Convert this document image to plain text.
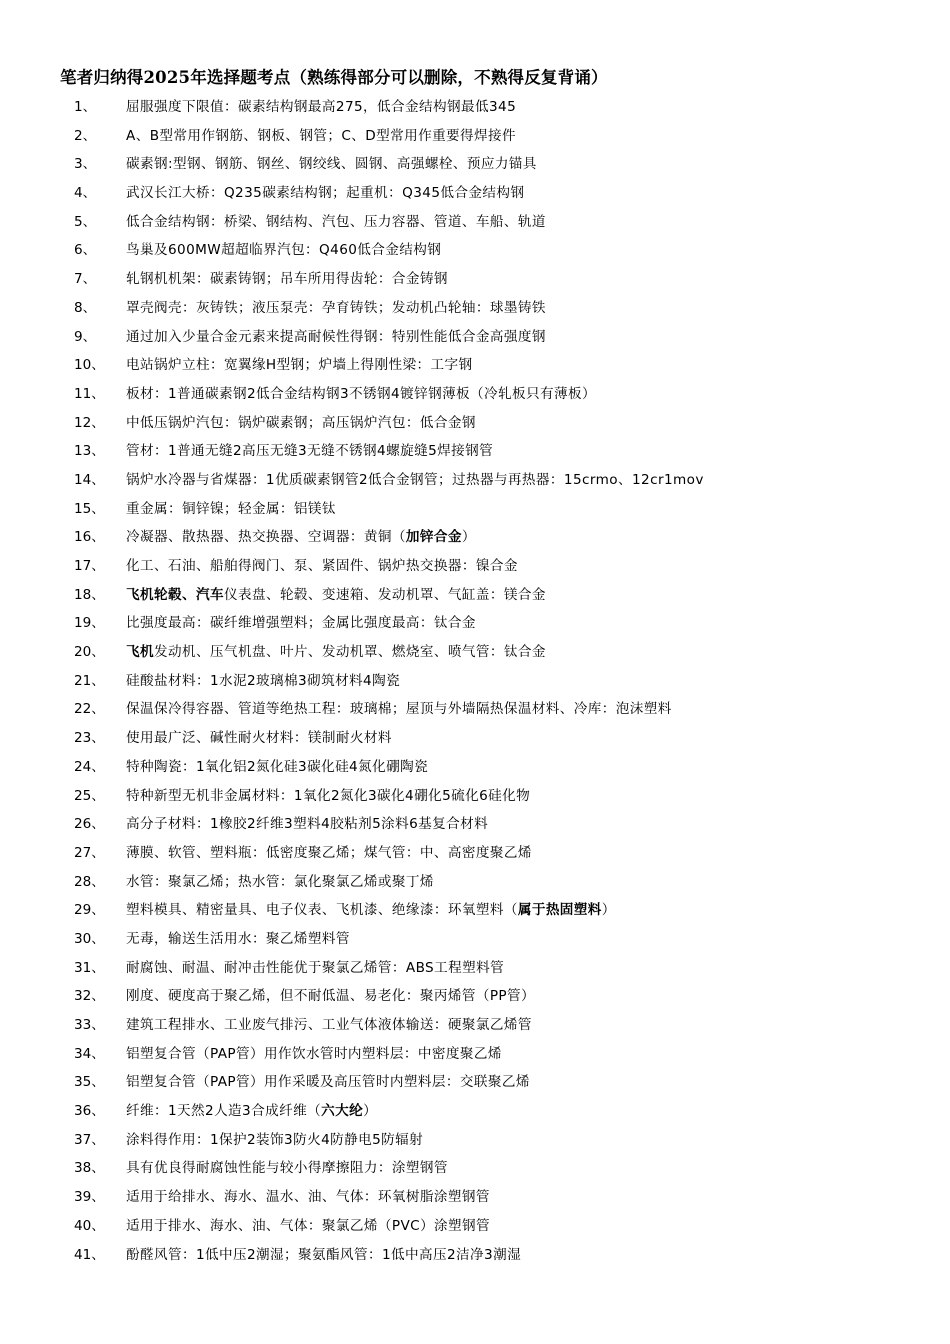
笔者归纳得2025年选择题考点（熟练得部分可以删除，不熟得反复背诵）
1、 屈服强度下限值：碳素结构钢最高275，低合金结构钢最低345
2、 A、B型常用作钢筋、钢板、钢管；C、D型常用作重要得焊接件
3、 碳素钢:型钢、钢筋、钢丝、钢绞线、圆钢、高强螺栓、预应力锚具
4、 武汉长江大桥：Q235碳素结构钢；起重机：Q345低合金结构钢
5、 低合金结构钢：桥梁、钢结构、汽包、压力容器、管道、车船、轨道
6、 鸟巢及600MW超超临界汽包：Q460低合金结构钢
7、 轧钢机机架：碳素铸钢；吊车所用得齿轮：合金铸钢
8、 罩壳阀壳：灰铸铁；液压泵壳：孕育铸铁；发动机凸轮轴：球墨铸铁
9、 通过加入少量合金元素来提高耐候性得钢：特别性能低合金高强度钢
10、 电站锅炉立柱：宽翼缘H型钢；炉墙上得刚性梁：工字钢
11、 板材：1普通碳素钢2低合金结构钢3不锈钢4镀锌钢薄板（冷轧板只有薄板）
12、 中低压锅炉汽包：锅炉碳素钢；高压锅炉汽包：低合金钢
13、 管材：1普通无缝2高压无缝3无缝不锈钢4螺旋缝5焊接钢管
14、 锅炉水冷器与省煤器：1优质碳素钢管2低合金钢管；过热器与再热器：15crmo、12cr1mov
15、 重金属：铜锌镍；轻金属：铝镁钛
16、 冷凝器、散热器、热交换器、空调器：黄铜（加锌合金）
17、 化工、石油、船舶得阀门、泵、紧固件、锅炉热交换器：镍合金
18、 飞机轮毂、汽车仪表盘、轮毂、变速箱、发动机罩、气缸盖：镁合金
19、 比强度最高：碳纤维增强塑料；金属比强度最高：钛合金
20、 飞机发动机、压气机盘、叶片、发动机罩、燃烧室、喷气管：钛合金
21、 硅酸盐材料：1水泥2玻璃棉3砌筑材料4陶瓷
22、 保温保冷得容器、管道等绝热工程：玻璃棉；屋顶与外墙隔热保温材料、冷库：泡沫塑料
23、 使用最广泛、碱性耐火材料：镁制耐火材料
24、 特种陶瓷：1氧化铝2氮化硅3碳化硅4氮化硼陶瓷
25、 特种新型无机非金属材料：1氧化2氮化3碳化4硼化5硫化6硅化物
26、 高分子材料：1橡胶2纤维3塑料4胶粘剂5涂料6基复合材料
27、 薄膜、软管、塑料瓶：低密度聚乙烯；煤气管：中、高密度聚乙烯
28、 水管：聚氯乙烯；热水管：氯化聚氯乙烯或聚丁烯
29、 塑料模具、精密量具、电子仪表、飞机漆、绝缘漆：环氧塑料（属于热固塑料）
30、 无毒，输送生活用水：聚乙烯塑料管
31、 耐腐蚀、耐温、耐冲击性能优于聚氯乙烯管：ABS工程塑料管
32、 刚度、硬度高于聚乙烯，但不耐低温、易老化：聚丙烯管（PP管）
33、 建筑工程排水、工业废气排污、工业气体液体输送：硬聚氯乙烯管
34、 铝塑复合管（PAP管）用作饮水管时内塑料层：中密度聚乙烯
35、 铝塑复合管（PAP管）用作采暖及高压管时内塑料层：交联聚乙烯
36、 纤维：1天然2人造3合成纤维（六大纶）
37、 涂料得作用：1保护2装饰3防火4防静电5防辐射
38、 具有优良得耐腐蚀性能与较小得摩擦阻力：涂塑钢管
39、 适用于给排水、海水、温水、油、气体：环氧树脂涂塑钢管
40、 适用于排水、海水、油、气体：聚氯乙烯（PVC）涂塑钢管
41、 酚醛风管：1低中压2潮湿；聚氨酯风管：1低中高压2洁净3潮湿
